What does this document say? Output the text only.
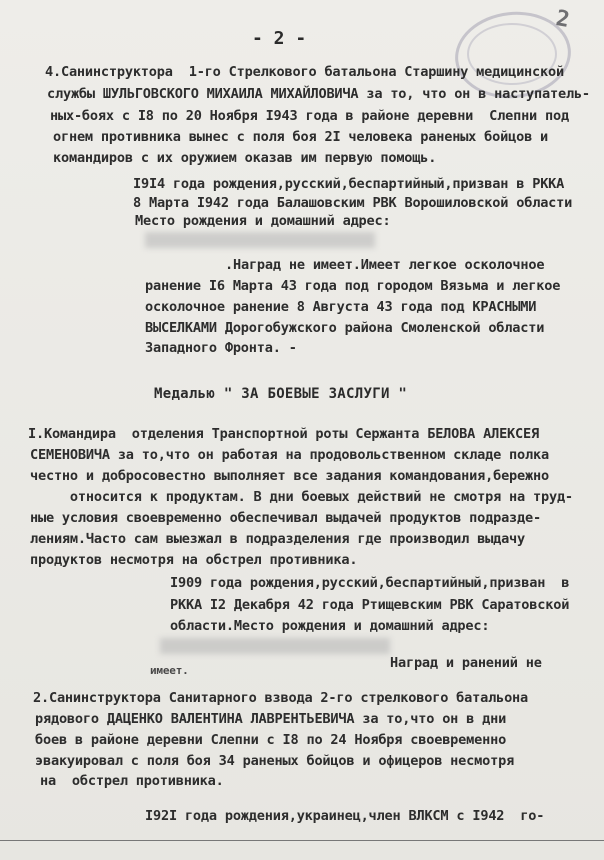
2
- 2 -
4.Санинструктора  1-го Стрелкового батальона Старшину медицинской
службы ШУЛЬГОВСКОГО МИХАИЛА МИХАЙЛОВИЧА за то, что он в наступатель-
ных-боях с I8 по 20 Ноября I943 года в районе деревни  Слепни под
огнем противника вынес с поля боя 2I человека раненых бойцов и
командиров с их оружием оказав им первую помощь.
I9I4 года рождения,русский,беспартийный,призван в РККА
8 Марта I942 года Балашовским РВК Ворошиловской области
Место рождения и домашний адрес:
.Наград не имеет.Имеет легкое осколочное
ранение I6 Марта 43 года под городом Вязьма и легкое
осколочное ранение 8 Августа 43 года под КРАСНЫМИ
ВЫСЕЛКАМИ Дорогобужского района Смоленской области
Западного Фронта. -
Медалью " ЗА БОЕВЫЕ ЗАСЛУГИ "
I.Командира  отделения Транспортной роты Сержанта БЕЛОВА АЛЕКСЕЯ
СЕМЕНОВИЧА за то,что он работая на продовольственном складе полка
честно и добросовестно выполняет все задания командования,бережно
относится к продуктам. В дни боевых действий не смотря на труд-
ные условия своевременно обеспечивал выдачей продуктов подразде-
лениям.Часто сам выезжал в подразделения где производил выдачу
продуктов несмотря на обстрел противника.
I909 года рождения,русский,беспартийный,призван  в
РККА I2 Декабря 42 года Ртищевским РВК Саратовской
области.Место рождения и домашний адрес:
Наград и ранений не
имеет.
2.Санинструктора Санитарного взвода 2-го стрелкового батальона
рядового ДАЦЕНКО ВАЛЕНТИНА ЛАВРЕНТЬЕВИЧА за то,что он в дни
боев в районе деревни Слепни с I8 по 24 Ноября своевременно
эвакуировал с поля боя 34 раненых бойцов и офицеров несмотря
на  обстрел противника.
I92I года рождения,украинец,член ВЛКСМ с I942  го-
